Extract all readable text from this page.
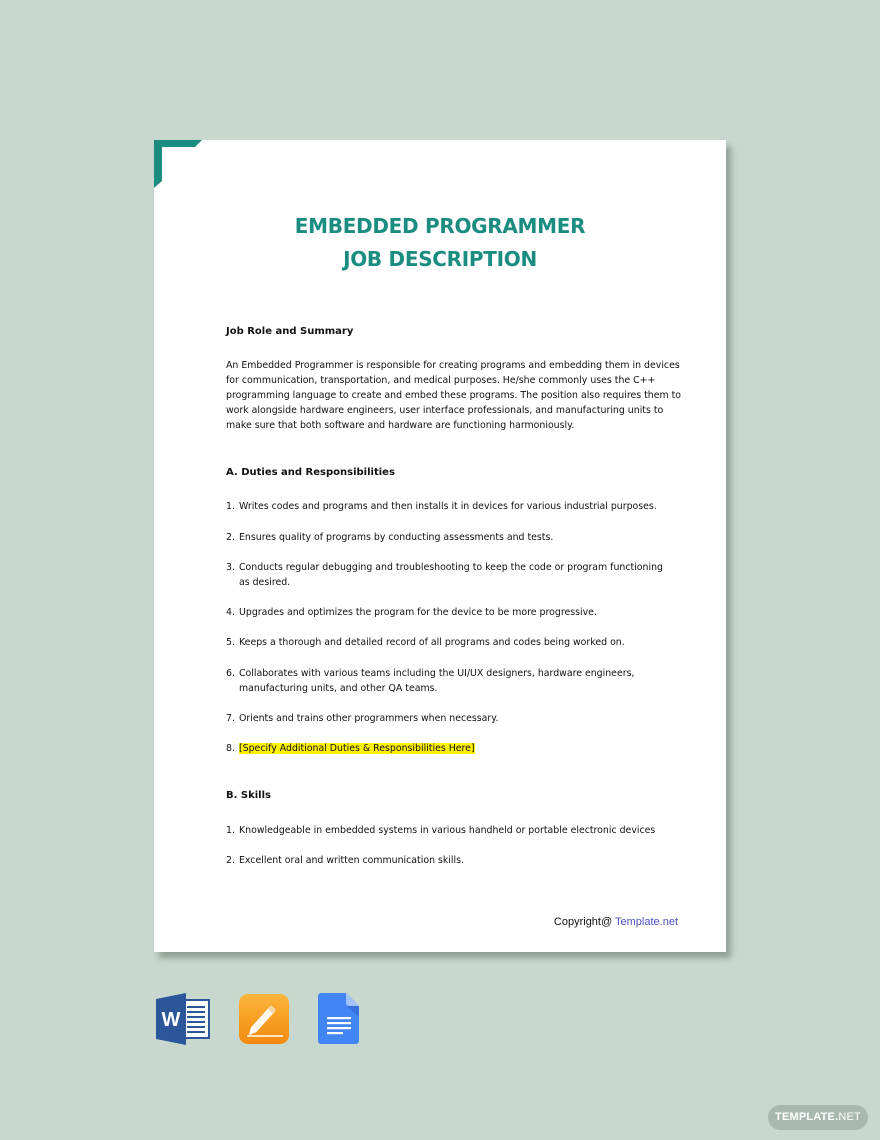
EMBEDDED PROGRAMMER
JOB DESCRIPTION
Job Role and Summary
An Embedded Programmer is responsible for creating programs and embedding them in devices for communication, transportation, and medical purposes. He/she commonly uses the C++ programming language to create and embed these programs. The position also requires them to work alongside hardware engineers, user interface professionals, and manufacturing units to make sure that both software and hardware are functioning harmoniously.
A. Duties and Responsibilities
1. Writes codes and programs and then installs it in devices for various industrial purposes.
2. Ensures quality of programs by conducting assessments and tests.
3. Conducts regular debugging and troubleshooting to keep the code or program functioning as desired.
4. Upgrades and optimizes the program for the device to be more progressive.
5. Keeps a thorough and detailed record of all programs and codes being worked on.
6. Collaborates with various teams including the UI/UX designers, hardware engineers, manufacturing units, and other QA teams.
7. Orients and trains other programmers when necessary.
8. [Specify Additional Duties & Responsibilities Here]
B. Skills
1. Knowledgeable in embedded systems in various handheld or portable electronic devices
2. Excellent oral and written communication skills.
Copyright@ Template.net
W
TEMPLATE.NET
